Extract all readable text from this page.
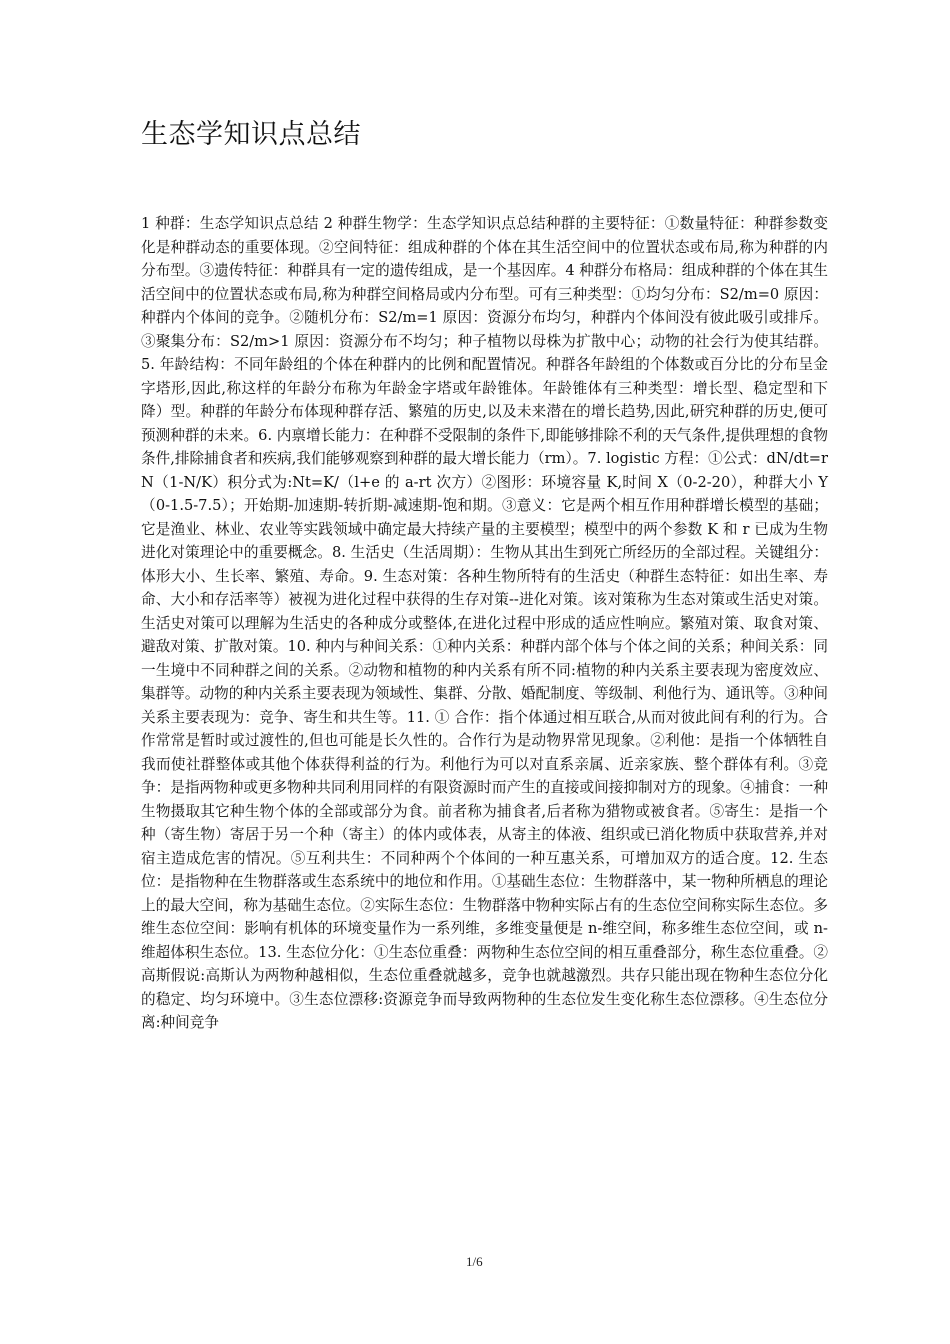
生态学知识点总结

1 种群：生态学知识点总结 2 种群生物学：生态学知识点总结种群的主要特征：①数量特征：种群参数变化是种群动态的重要体现。②空间特征：组成种群的个体在其生活空间中的位置状态或布局,称为种群的内分布型。③遗传特征：种群具有一定的遗传组成，是一个基因库。4 种群分布格局：组成种群的个体在其生活空间中的位置状态或布局,称为种群空间格局或内分布型。可有三种类型：①均匀分布：S2/m=0 原因：种群内个体间的竞争。②随机分布：S2/m=1 原因：资源分布均匀，种群内个体间没有彼此吸引或排斥。③聚集分布：S2/m>1 原因：资源分布不均匀；种子植物以母株为扩散中心；动物的社会行为使其结群。5. 年龄结构：不同年龄组的个体在种群内的比例和配置情况。种群各年龄组的个体数或百分比的分布呈金字塔形,因此,称这样的年龄分布称为年龄金字塔或年龄锥体。年龄锥体有三种类型：增长型、稳定型和下降）型。种群的年龄分布体现种群存活、繁殖的历史,以及未来潜在的增长趋势,因此,研究种群的历史,便可预测种群的未来。6. 内禀增长能力：在种群不受限制的条件下,即能够排除不利的天气条件,提供理想的食物条件,排除捕食者和疾病,我们能够观察到种群的最大增长能力（rm）。7. logistic 方程：①公式：dN/dt=rN（1-N/K）积分式为:Nt=K/（l+e 的 a-rt 次方）②图形：环境容量 K,时间 X（0-2-20），种群大小 Y（0-1.5-7.5）；开始期-加速期-转折期-减速期-饱和期。③意义：它是两个相互作用种群增长模型的基础；它是渔业、林业、农业等实践领域中确定最大持续产量的主要模型；模型中的两个参数 K 和 r 已成为生物进化对策理论中的重要概念。8. 生活史（生活周期）：生物从其出生到死亡所经历的全部过程。关键组分：体形大小、生长率、繁殖、寿命。9. 生态对策：各种生物所特有的生活史（种群生态特征：如出生率、寿命、大小和存活率等）被视为进化过程中获得的生存对策--进化对策。该对策称为生态对策或生活史对策。生活史对策可以理解为生活史的各种成分或整体,在进化过程中形成的适应性响应。繁殖对策、取食对策、避敌对策、扩散对策。10. 种内与种间关系：①种内关系：种群内部个体与个体之间的关系；种间关系：同一生境中不同种群之间的关系。②动物和植物的种内关系有所不同:植物的种内关系主要表现为密度效应、集群等。动物的种内关系主要表现为领域性、集群、分散、婚配制度、等级制、利他行为、通讯等。③种间关系主要表现为：竞争、寄生和共生等。11. ① 合作：指个体通过相互联合,从而对彼此间有利的行为。合作常常是暂时或过渡性的,但也可能是长久性的。合作行为是动物界常见现象。②利他：是指一个体牺牲自我而使社群整体或其他个体获得利益的行为。利他行为可以对直系亲属、近亲家族、整个群体有利。③竞争：是指两物种或更多物种共同利用同样的有限资源时而产生的直接或间接抑制对方的现象。④捕食：一种生物摄取其它种生物个体的全部或部分为食。前者称为捕食者,后者称为猎物或被食者。⑤寄生：是指一个种（寄生物）寄居于另一个种（寄主）的体内或体表，从寄主的体液、组织或已消化物质中获取营养,并对宿主造成危害的情况。⑤互利共生：不同种两个个体间的一种互惠关系，可增加双方的适合度。12. 生态位：是指物种在生物群落或生态系统中的地位和作用。①基础生态位：生物群落中，某一物种所栖息的理论上的最大空间，称为基础生态位。②实际生态位：生物群落中物种实际占有的生态位空间称实际生态位。多维生态位空间：影响有机体的环境变量作为一系列维，多维变量便是 n-维空间，称多维生态位空间，或 n-维超体积生态位。13. 生态位分化：①生态位重叠：两物种生态位空间的相互重叠部分，称生态位重叠。②高斯假说:高斯认为两物种越相似，生态位重叠就越多，竞争也就越激烈。共存只能出现在物种生态位分化的稳定、均匀环境中。③生态位漂移:资源竞争而导致两物种的生态位发生变化称生态位漂移。④生态位分离:种间竞争

1/6
